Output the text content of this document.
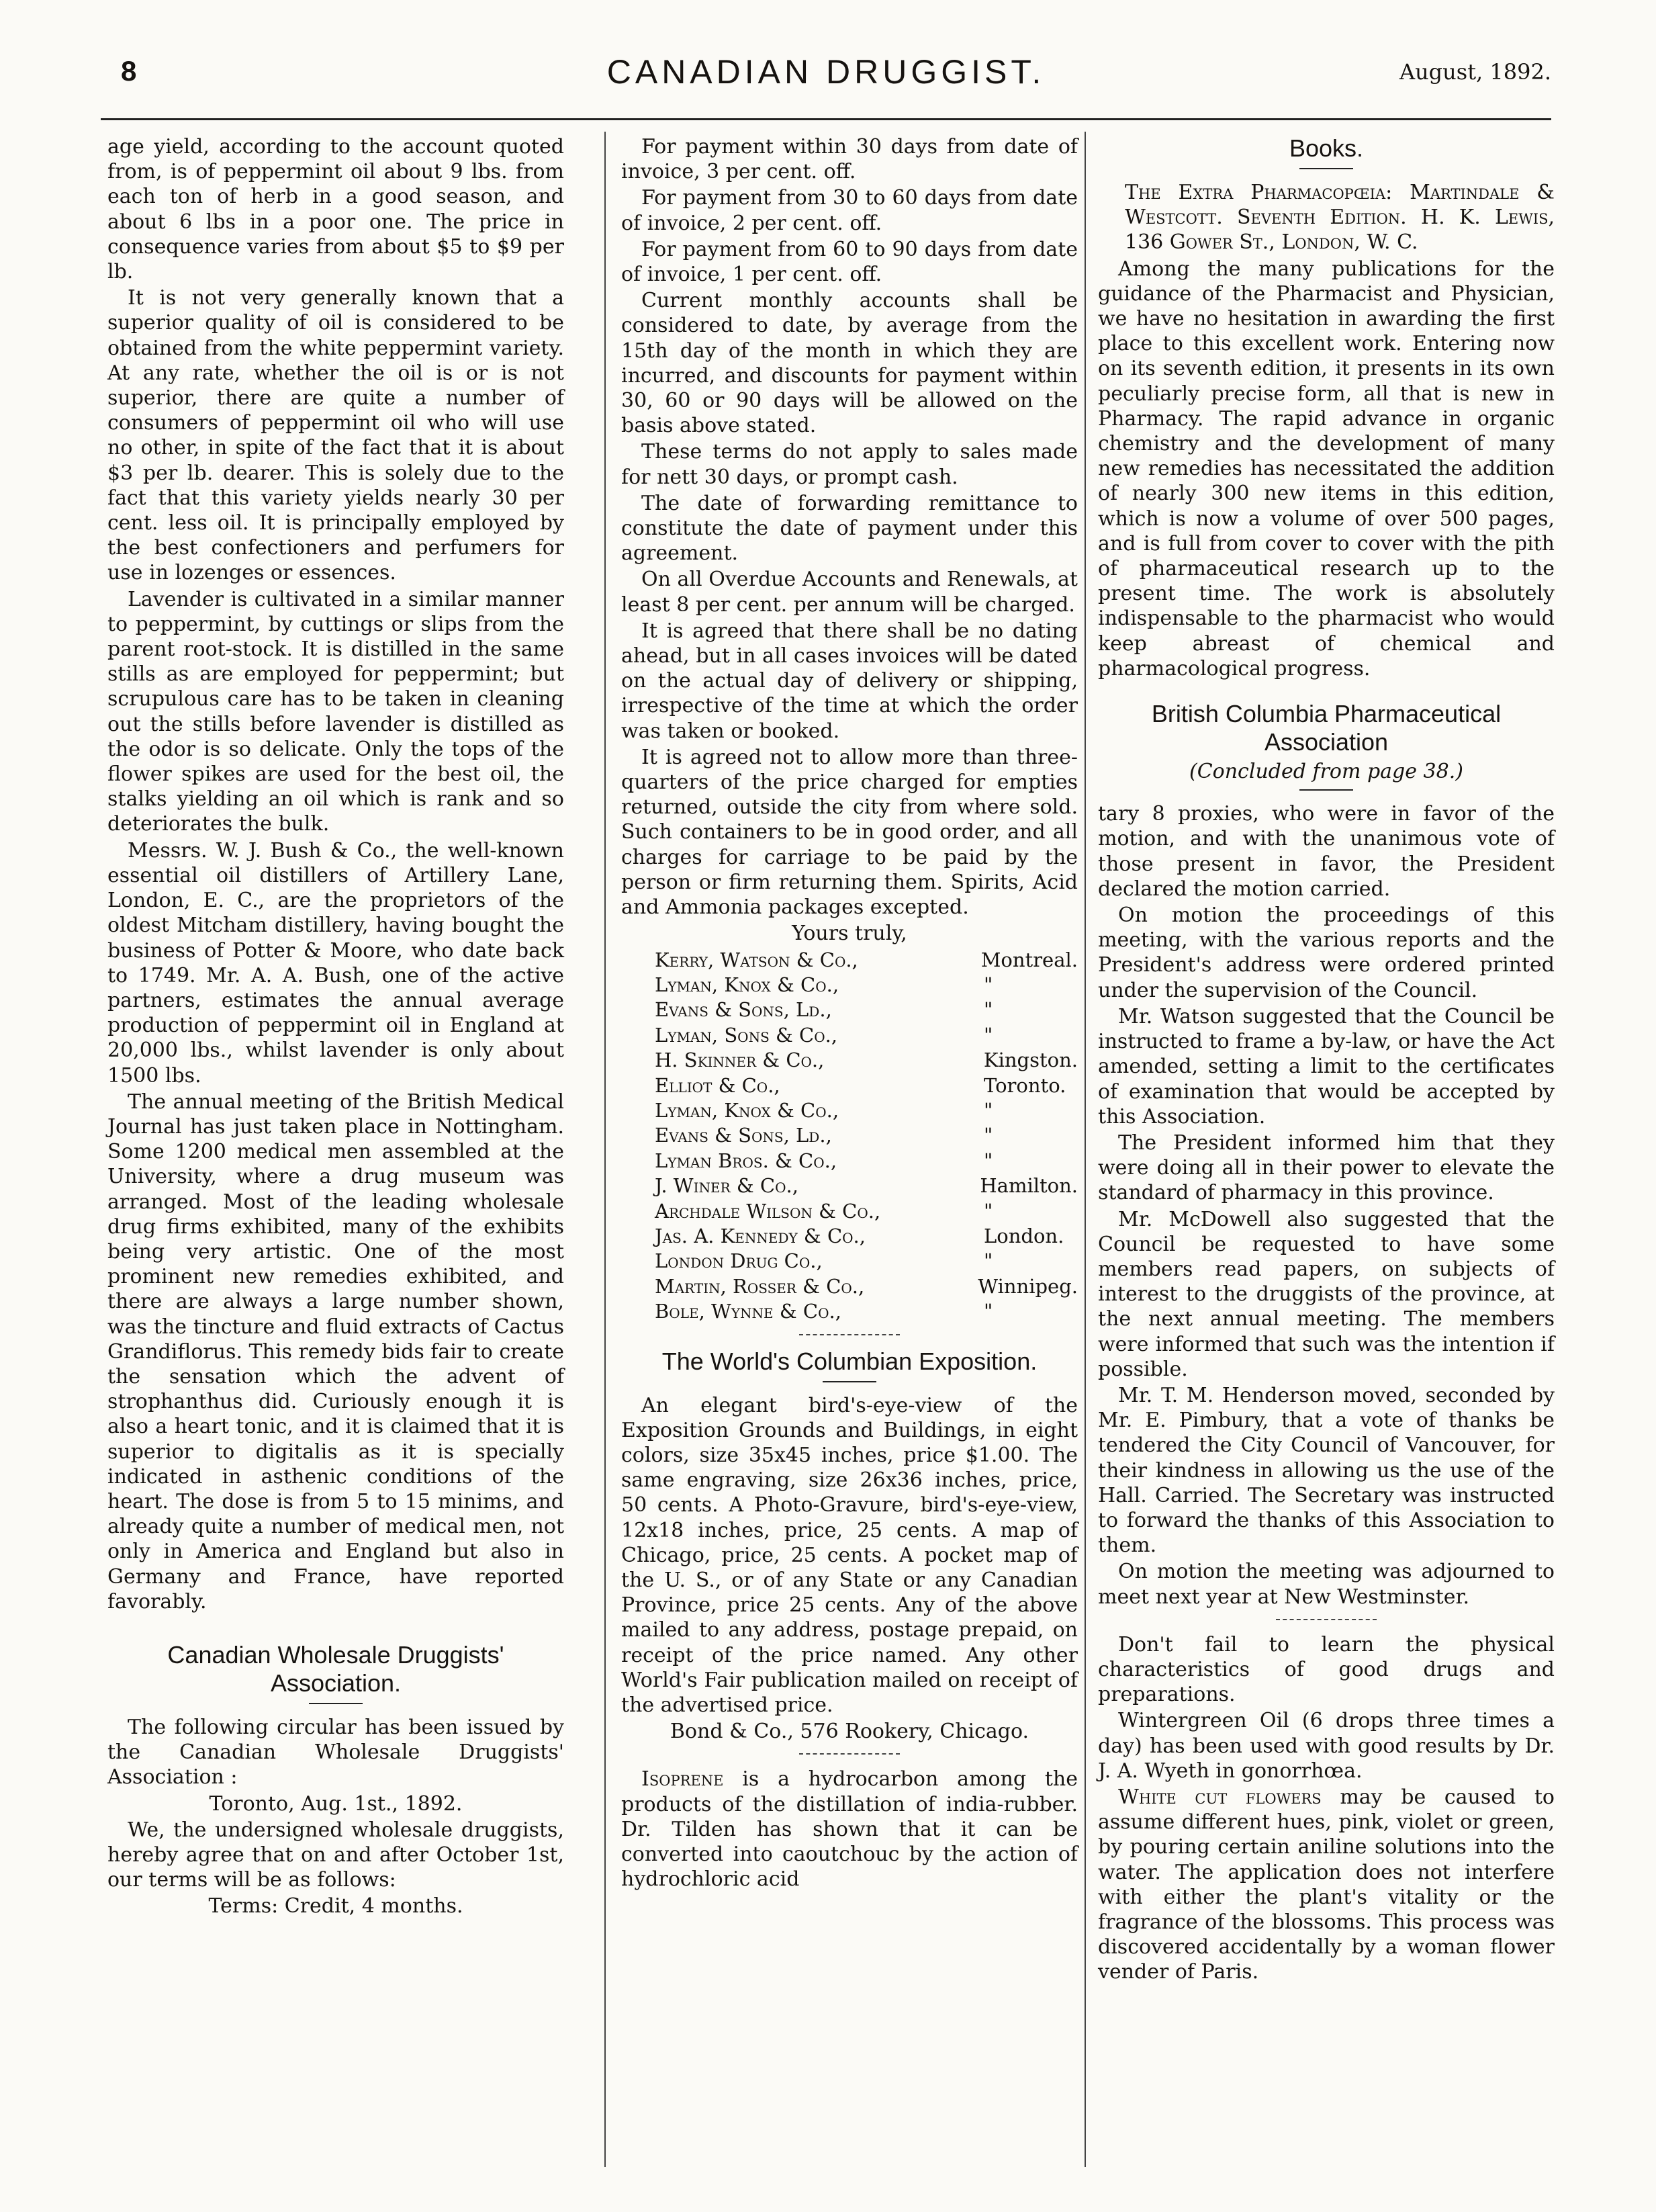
8	CANADIAN DRUGGIST.	August, 1892.

age yield, according to the account quoted from, is of peppermint oil about 9 lbs. from each ton of herb in a good season, and about 6 lbs in a poor one. The price in consequence varies from about $5 to $9 per lb.

It is not very generally known that a superior quality of oil is considered to be obtained from the white peppermint variety. At any rate, whether the oil is or is not superior, there are quite a number of consumers of peppermint oil who will use no other, in spite of the fact that it is about $3 per lb. dearer. This is solely due to the fact that this variety yields nearly 30 per cent. less oil. It is principally employed by the best confectioners and perfumers for use in lozenges or essences.

Lavender is cultivated in a similar manner to peppermint, by cuttings or slips from the parent root-stock. It is distilled in the same stills as are employed for peppermint; but scrupulous care has to be taken in cleaning out the stills before lavender is distilled as the odor is so delicate. Only the tops of the flower spikes are used for the best oil, the stalks yielding an oil which is rank and so deteriorates the bulk.

Messrs. W. J. Bush & Co., the well-known essential oil distillers of Artillery Lane, London, E. C., are the proprietors of the oldest Mitcham distillery, having bought the business of Potter & Moore, who date back to 1749. Mr. A. A. Bush, one of the active partners, estimates the annual average production of peppermint oil in England at 20,000 lbs., whilst lavender is only about 1500 lbs.

The annual meeting of the British Medical Journal has just taken place in Nottingham. Some 1200 medical men assembled at the University, where a drug museum was arranged. Most of the leading wholesale drug firms exhibited, many of the exhibits being very artistic. One of the most prominent new remedies exhibited, and there are always a large number shown, was the tincture and fluid extracts of Cactus Grandiflorus. This remedy bids fair to create the sensation which the advent of strophanthus did. Curiously enough it is also a heart tonic, and it is claimed that it is superior to digitalis as it is specially indicated in asthenic conditions of the heart. The dose is from 5 to 15 minims, and already quite a number of medical men, not only in America and England but also in Germany and France, have reported favorably.

Canadian Wholesale Druggists' Association.

The following circular has been issued by the Canadian Wholesale Druggists' Association :

Toronto, Aug. 1st., 1892.

We, the undersigned wholesale druggists, hereby agree that on and after October 1st, our terms will be as follows:

Terms: Credit, 4 months.

For payment within 30 days from date of invoice, 3 per cent. off.

For payment from 30 to 60 days from date of invoice, 2 per cent. off.

For payment from 60 to 90 days from date of invoice, 1 per cent. off.

Current monthly accounts shall be considered to date, by average from the 15th day of the month in which they are incurred, and discounts for payment within 30, 60 or 90 days will be allowed on the basis above stated.

These terms do not apply to sales made for nett 30 days, or prompt cash.

The date of forwarding remittance to constitute the date of payment under this agreement.

On all Overdue Accounts and Renewals, at least 8 per cent. per annum will be charged.

It is agreed that there shall be no dating ahead, but in all cases invoices will be dated on the actual day of delivery or shipping, irrespective of the time at which the order was taken or booked.

It is agreed not to allow more than three-quarters of the price charged for empties returned, outside the city from where sold. Such containers to be in good order, and all charges for carriage to be paid by the person or firm returning them. Spirits, Acid and Ammonia packages excepted.

Yours truly,

Kerry, Watson & Co.,	Montreal.
Lyman, Knox & Co.,	"
Evans & Sons, Ld.,	"
Lyman, Sons & Co.,	"
H. Skinner & Co.,	Kingston.
Elliot & Co.,	Toronto.
Lyman, Knox & Co.,	"
Evans & Sons, Ld.,	"
Lyman Bros. & Co.,	"
J. Winer & Co.,	Hamilton.
Archdale Wilson & Co.,	"
Jas. A. Kennedy & Co.,	London.
London Drug Co.,	"
Martin, Rosser & Co.,	Winnipeg.
Bole, Wynne & Co.,	"
The World's Columbian Exposition.

An elegant bird's-eye-view of the Exposition Grounds and Buildings, in eight colors, size 35x45 inches, price $1.00. The same engraving, size 26x36 inches, price, 50 cents. A Photo-Gravure, bird's-eye-view, 12x18 inches, price, 25 cents. A map of Chicago, price, 25 cents. A pocket map of the U. S., or of any State or any Canadian Province, price 25 cents. Any of the above mailed to any address, postage prepaid, on receipt of the price named. Any other World's Fair publication mailed on receipt of the advertised price.

Bond & Co., 576 Rookery, Chicago.

Isoprene is a hydrocarbon among the products of the distillation of india-rubber. Dr. Tilden has shown that it can be converted into caoutchouc by the action of hydrochloric acid

Books.

The Extra Pharmacopœia: Martindale & Westcott. Seventh Edition. H. K. Lewis, 136 Gower St., London, W. C.

Among the many publications for the guidance of the Pharmacist and Physician, we have no hesitation in awarding the first place to this excellent work. Entering now on its seventh edition, it presents in its own peculiarly precise form, all that is new in Pharmacy. The rapid advance in organic chemistry and the development of many new remedies has necessitated the addition of nearly 300 new items in this edition, which is now a volume of over 500 pages, and is full from cover to cover with the pith of pharmaceutical research up to the present time. The work is absolutely indispensable to the pharmacist who would keep abreast of chemical and pharmacological progress.

British Columbia Pharmaceutical Association

(Concluded from page 38.)

tary 8 proxies, who were in favor of the motion, and with the unanimous vote of those present in favor, the President declared the motion carried.

On motion the proceedings of this meeting, with the various reports and the President's address were ordered printed under the supervision of the Council.

Mr. Watson suggested that the Council be instructed to frame a by-law, or have the Act amended, setting a limit to the certificates of examination that would be accepted by this Association.

The President informed him that they were doing all in their power to elevate the standard of pharmacy in this province.

Mr. McDowell also suggested that the Council be requested to have some members read papers, on subjects of interest to the druggists of the province, at the next annual meeting. The members were informed that such was the intention if possible.

Mr. T. M. Henderson moved, seconded by Mr. E. Pimbury, that a vote of thanks be tendered the City Council of Vancouver, for their kindness in allowing us the use of the Hall. Carried. The Secretary was instructed to forward the thanks of this Association to them.

On motion the meeting was adjourned to meet next year at New Westminster.

Don't fail to learn the physical characteristics of good drugs and preparations.

Wintergreen Oil (6 drops three times a day) has been used with good results by Dr. J. A. Wyeth in gonorrhœa.

White cut flowers may be caused to assume different hues, pink, violet or green, by pouring certain aniline solutions into the water. The application does not interfere with either the plant's vitality or the fragrance of the blossoms. This process was discovered accidentally by a woman flower vender of Paris.
